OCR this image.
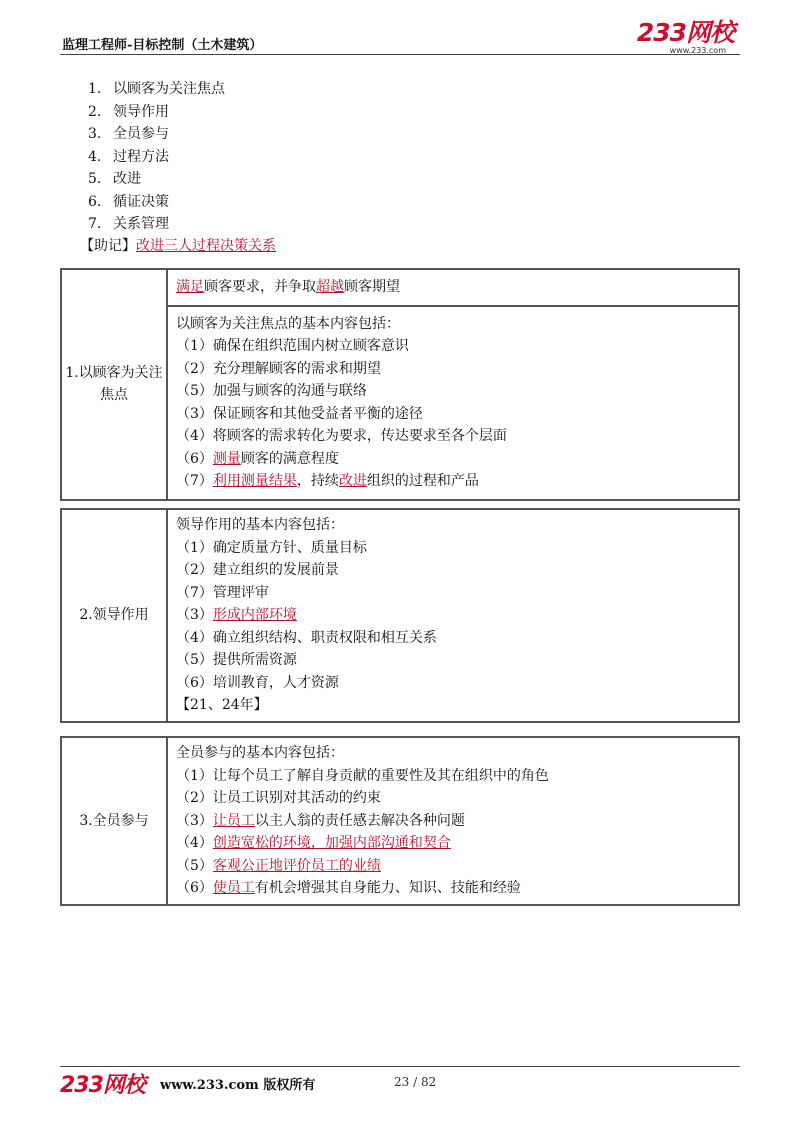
监理工程师-目标控制（土木建筑）	233网校
www.233.com
1. 以顾客为关注焦点
2. 领导作用
3. 全员参与
4. 过程方法
5. 改进
6. 循证决策
7. 关系管理
【助记】改进三人过程决策关系
1.以顾客为关注焦点	
满足顾客要求，并争取超越顾客期望

以顾客为关注焦点的基本内容包括：
（1）确保在组织范围内树立顾客意识
（2）充分理解顾客的需求和期望
（5）加强与顾客的沟通与联络
（3）保证顾客和其他受益者平衡的途径
（4）将顾客的需求转化为要求，传达要求至各个层面
（6）测量顾客的满意程度
（7）利用测量结果，持续改进组织的过程和产品
2.领导作用	
领导作用的基本内容包括：
（1）确定质量方针、质量目标
（2）建立组织的发展前景
（7）管理评审
（3）形成内部环境
（4）确立组织结构、职责权限和相互关系
（5）提供所需资源
（6）培训教育，人才资源
【21、24年】
3.全员参与	
全员参与的基本内容包括：
（1）让每个员工了解自身贡献的重要性及其在组织中的角色
（2）让员工识别对其活动的约束
（3）让员工以主人翁的责任感去解决各种问题
（4）创造宽松的环境，加强内部沟通和契合
（5）客观公正地评价员工的业绩
（6）使员工有机会增强其自身能力、知识、技能和经验
233网校 www.233.com 版权所有	23 / 82
